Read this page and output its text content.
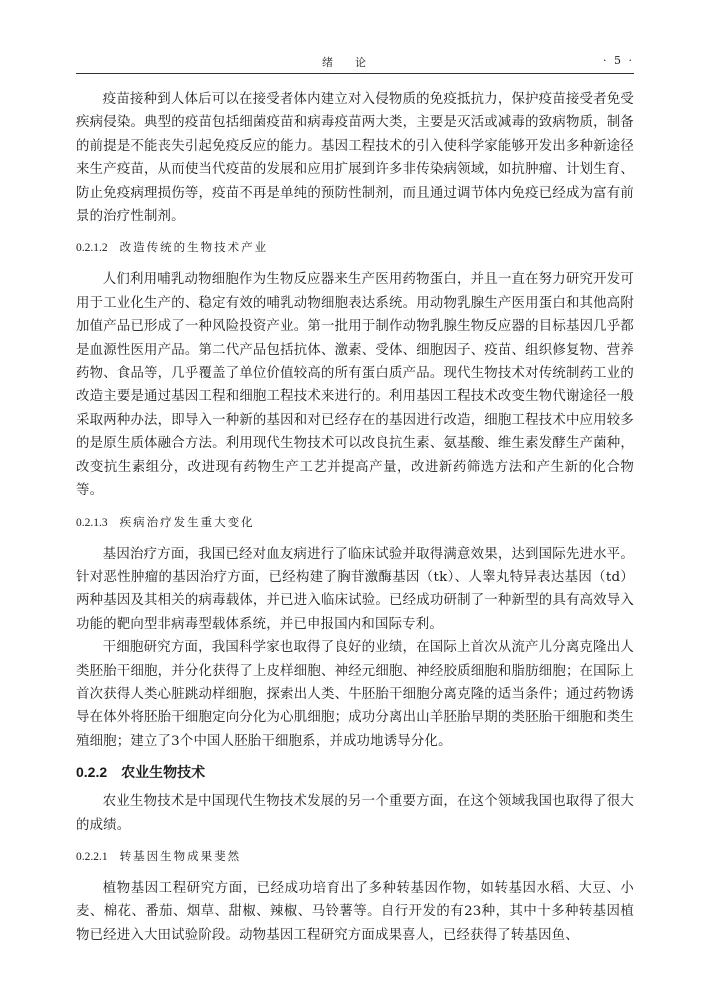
绪论	· 5 ·

疫苗接种到人体后可以在接受者体内建立对入侵物质的免疫抵抗力，保护疫苗接受者免受疾病侵染。典型的疫苗包括细菌疫苗和病毒疫苗两大类，主要是灭活或减毒的致病物质，制备的前提是不能丧失引起免疫反应的能力。基因工程技术的引入使科学家能够开发出多种新途径来生产疫苗，从而使当代疫苗的发展和应用扩展到许多非传染病领域，如抗肿瘤、计划生育、防止免疫病理损伤等，疫苗不再是单纯的预防性制剂，而且通过调节体内免疫已经成为富有前景的治疗性制剂。

0.2.1.2 改造传统的生物技术产业

人们利用哺乳动物细胞作为生物反应器来生产医用药物蛋白，并且一直在努力研究开发可用于工业化生产的、稳定有效的哺乳动物细胞表达系统。用动物乳腺生产医用蛋白和其他高附加值产品已形成了一种风险投资产业。第一批用于制作动物乳腺生物反应器的目标基因几乎都是血源性医用产品。第二代产品包括抗体、激素、受体、细胞因子、疫苗、组织修复物、营养药物、食品等，几乎覆盖了单位价值较高的所有蛋白质产品。现代生物技术对传统制药工业的改造主要是通过基因工程和细胞工程技术来进行的。利用基因工程技术改变生物代谢途径一般采取两种办法，即导入一种新的基因和对已经存在的基因进行改造，细胞工程技术中应用较多的是原生质体融合方法。利用现代生物技术可以改良抗生素、氨基酸、维生素发酵生产菌种，改变抗生素组分，改进现有药物生产工艺并提高产量，改进新药筛选方法和产生新的化合物等。

0.2.1.3 疾病治疗发生重大变化

基因治疗方面，我国已经对血友病进行了临床试验并取得满意效果，达到国际先进水平。针对恶性肿瘤的基因治疗方面，已经构建了胸苷激酶基因（tk）、人睾丸特异表达基因（td）两种基因及其相关的病毒载体，并已进入临床试验。已经成功研制了一种新型的具有高效导入功能的靶向型非病毒型载体系统，并已申报国内和国际专利。

干细胞研究方面，我国科学家也取得了良好的业绩，在国际上首次从流产儿分离克隆出人类胚胎干细胞，并分化获得了上皮样细胞、神经元细胞、神经胶质细胞和脂肪细胞；在国际上首次获得人类心脏跳动样细胞，探索出人类、牛胚胎干细胞分离克隆的适当条件；通过药物诱导在体外将胚胎干细胞定向分化为心肌细胞；成功分离出山羊胚胎早期的类胚胎干细胞和类生殖细胞；建立了3个中国人胚胎干细胞系，并成功地诱导分化。

0.2.2 农业生物技术

农业生物技术是中国现代生物技术发展的另一个重要方面，在这个领域我国也取得了很大的成绩。

0.2.2.1 转基因生物成果斐然

植物基因工程研究方面，已经成功培育出了多种转基因作物，如转基因水稻、大豆、小麦、棉花、番茄、烟草、甜椒、辣椒、马铃薯等。自行开发的有23种，其中十多种转基因植物已经进入大田试验阶段。动物基因工程研究方面成果喜人，已经获得了转基因鱼、
